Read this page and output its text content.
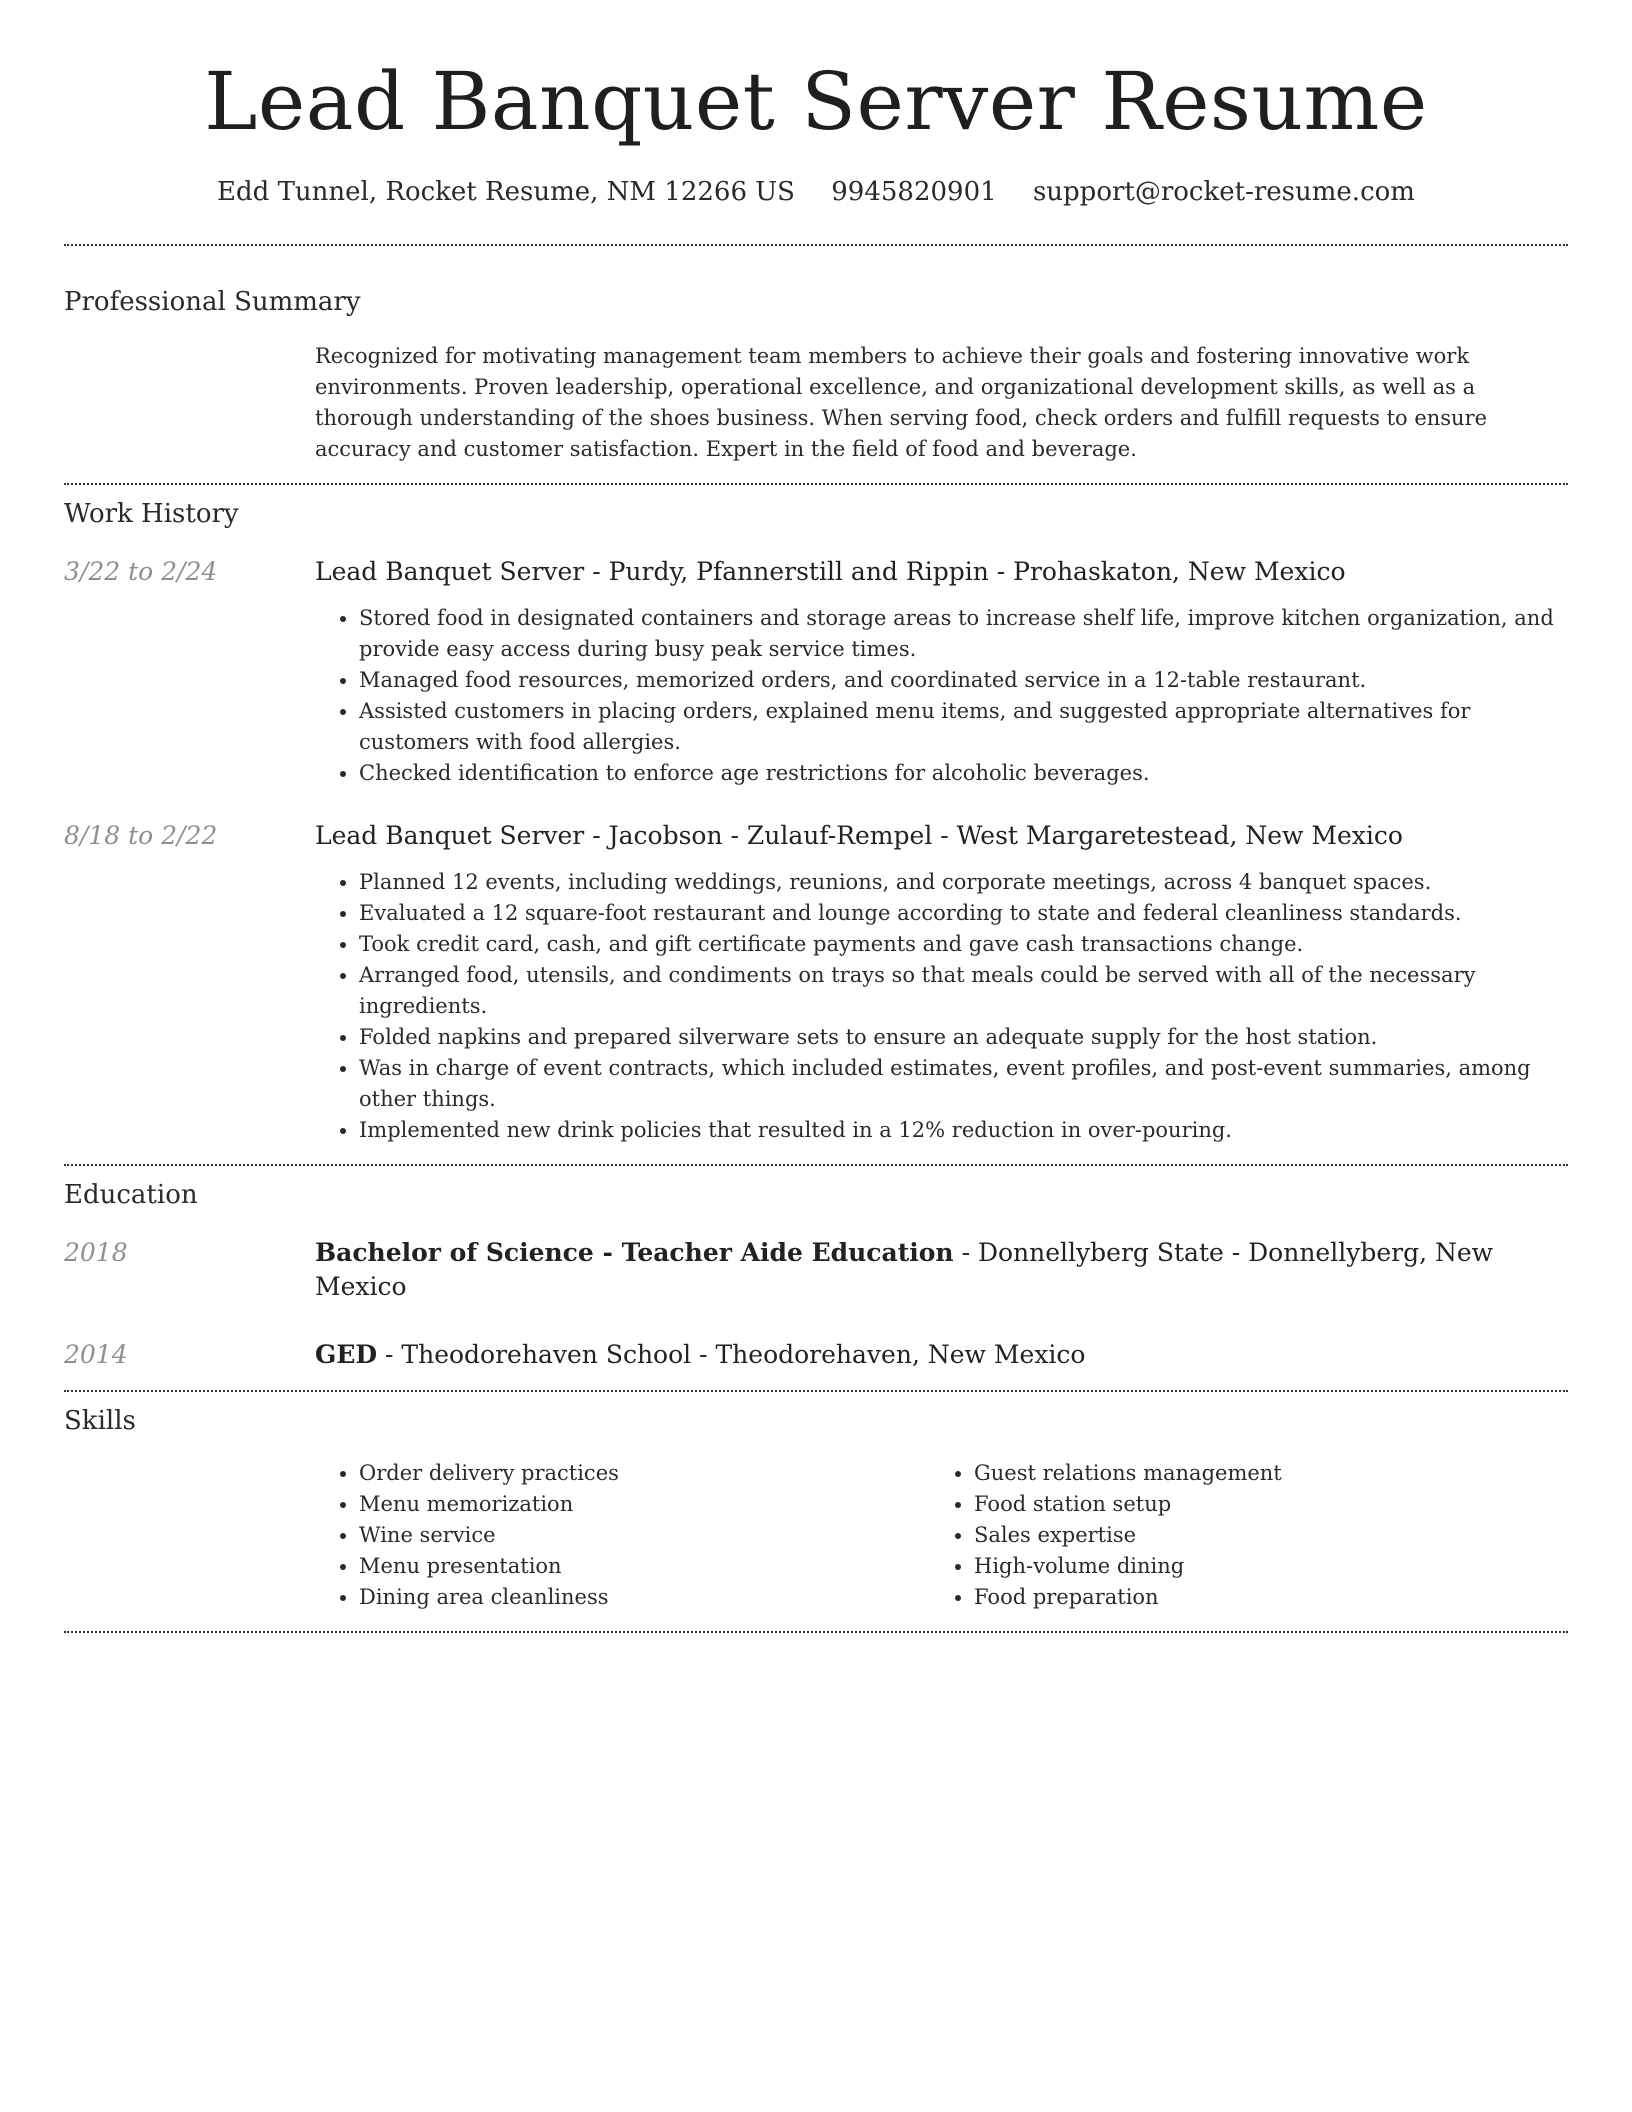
Lead Banquet Server Resume
Edd Tunnel, Rocket Resume, NM 12266 US 9945820901 support@rocket-resume.com
Professional Summary
Recognized for motivating management team members to achieve their goals and fostering innovative work environments. Proven leadership, operational excellence, and organizational development skills, as well as a thorough understanding of the shoes business. When serving food, check orders and fulfill requests to ensure accuracy and customer satisfaction. Expert in the field of food and beverage.
Work History
3/22 to 2/24	Lead Banquet Server - Purdy, Pfannerstill and Rippin - Prohaskaton, New Mexico
• Stored food in designated containers and storage areas to increase shelf life, improve kitchen organization, and provide easy access during busy peak service times.
• Managed food resources, memorized orders, and coordinated service in a 12-table restaurant.
• Assisted customers in placing orders, explained menu items, and suggested appropriate alternatives for customers with food allergies.
• Checked identification to enforce age restrictions for alcoholic beverages.
8/18 to 2/22	Lead Banquet Server - Jacobson - Zulauf-Rempel - West Margaretestead, New Mexico
• Planned 12 events, including weddings, reunions, and corporate meetings, across 4 banquet spaces.
• Evaluated a 12 square-foot restaurant and lounge according to state and federal cleanliness standards.
• Took credit card, cash, and gift certificate payments and gave cash transactions change.
• Arranged food, utensils, and condiments on trays so that meals could be served with all of the necessary ingredients.
• Folded napkins and prepared silverware sets to ensure an adequate supply for the host station.
• Was in charge of event contracts, which included estimates, event profiles, and post-event summaries, among other things.
• Implemented new drink policies that resulted in a 12% reduction in over-pouring.
Education
2018	Bachelor of Science - Teacher Aide Education - Donnellyberg State - Donnellyberg, New Mexico
2014	GED - Theodorehaven School - Theodorehaven, New Mexico
Skills
• Order delivery practices
• Menu memorization
• Wine service
• Menu presentation
• Dining area cleanliness
• Guest relations management
• Food station setup
• Sales expertise
• High-volume dining
• Food preparation
